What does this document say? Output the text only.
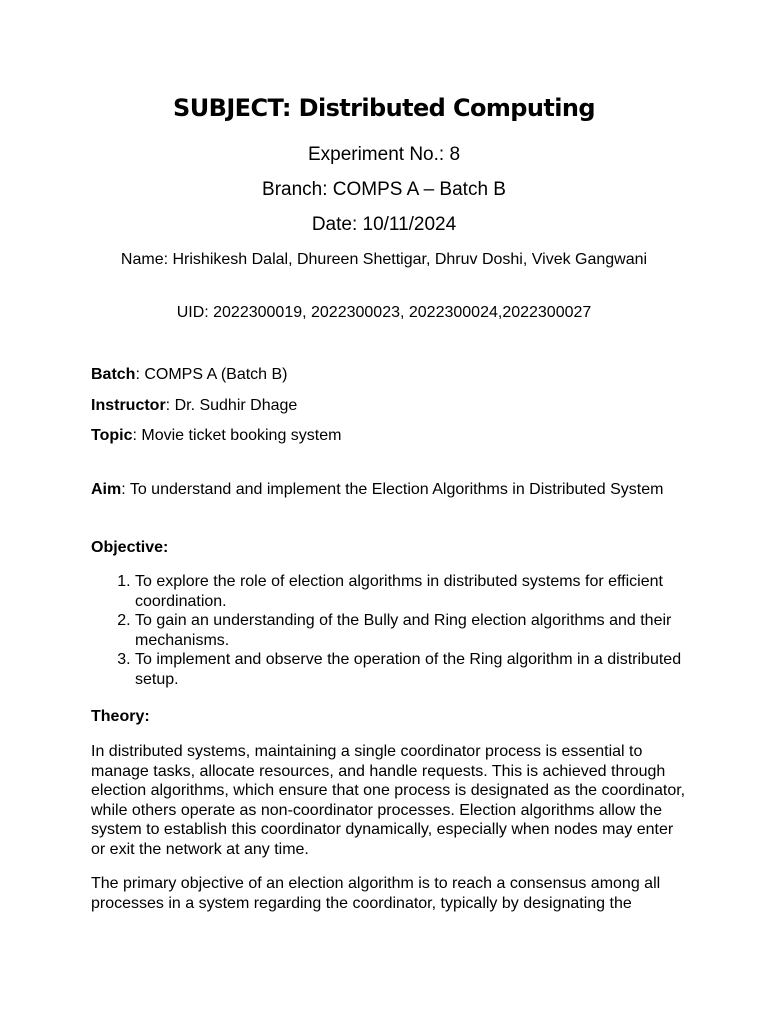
SUBJECT: Distributed Computing
Experiment No.: 8
Branch: COMPS A – Batch B
Date: 10/11/2024
Name: Hrishikesh Dalal, Dhureen Shettigar, Dhruv Doshi, Vivek Gangwani
UID: 2022300019, 2022300023, 2022300024,2022300027
Batch: COMPS A (Batch B)
Instructor: Dr. Sudhir Dhage
Topic: Movie ticket booking system
Aim: To understand and implement the Election Algorithms in Distributed System
Objective:
1. To explore the role of election algorithms in distributed systems for efficient coordination.
2. To gain an understanding of the Bully and Ring election algorithms and their mechanisms.
3. To implement and observe the operation of the Ring algorithm in a distributed setup.
Theory:
In distributed systems, maintaining a single coordinator process is essential to manage tasks, allocate resources, and handle requests. This is achieved through election algorithms, which ensure that one process is designated as the coordinator, while others operate as non-coordinator processes. Election algorithms allow the system to establish this coordinator dynamically, especially when nodes may enter or exit the network at any time.
The primary objective of an election algorithm is to reach a consensus among all processes in a system regarding the coordinator, typically by designating the
